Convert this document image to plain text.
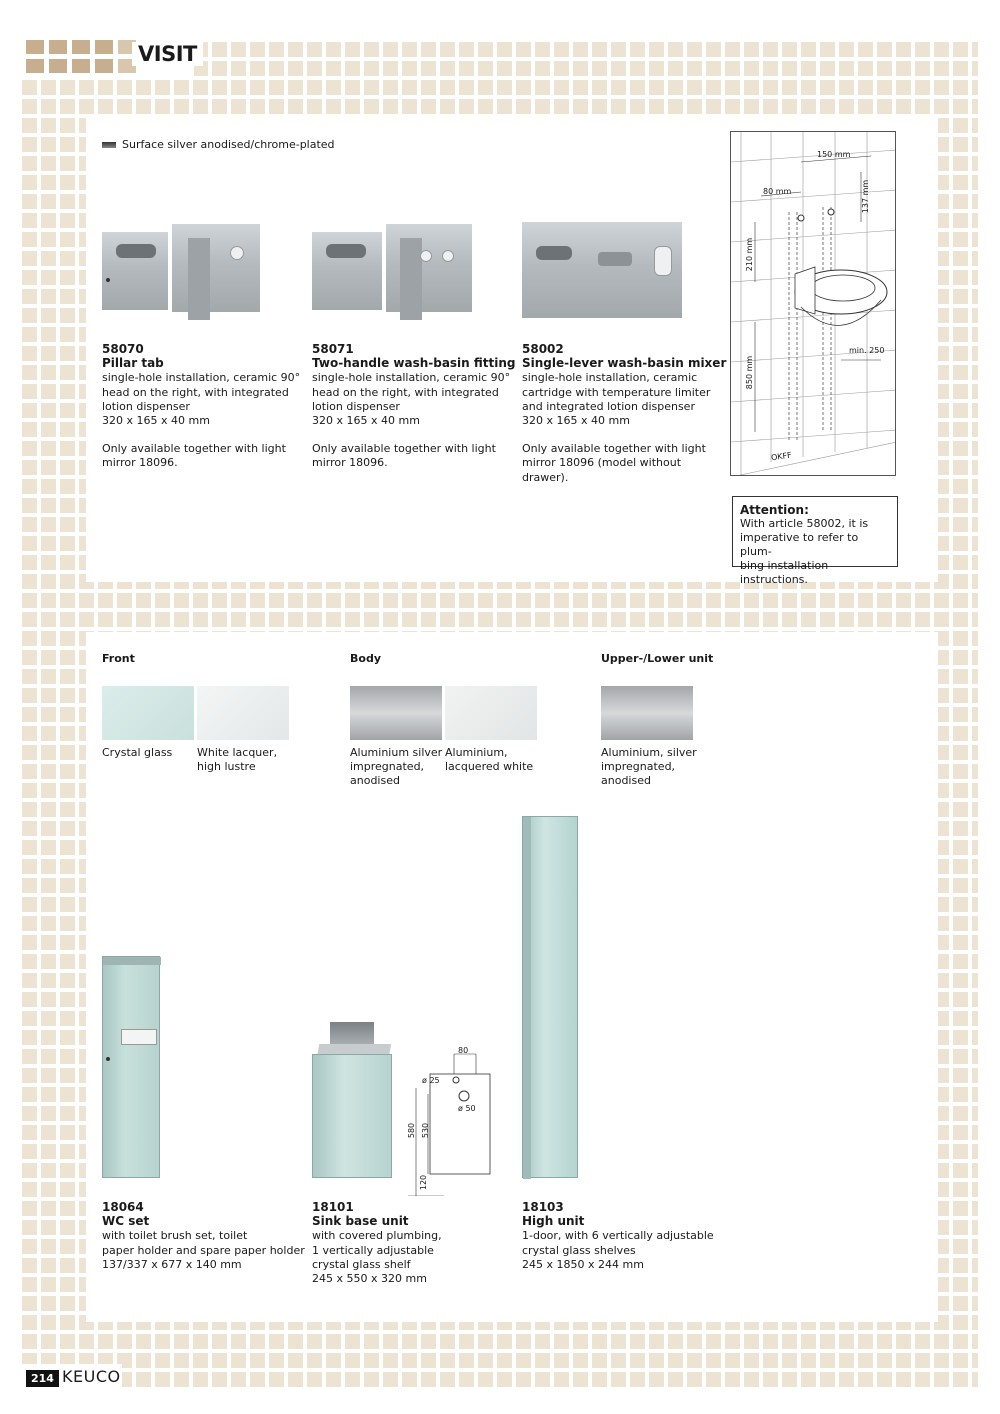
VISIT
Surface silver anodised/chrome-plated
58070
Pillar tab
single-hole installation, ceramic 90°
head on the right, with integrated
lotion dispenser
320 x 165 x 40 mm
Only available together with light
mirror 18096.
58071
Two-handle wash-basin fitting
single-hole installation, ceramic 90°
head on the right, with integrated
lotion dispenser
320 x 165 x 40 mm
Only available together with light
mirror 18096.
58002
Single-lever wash-basin mixer
single-hole installation, ceramic
cartridge with temperature limiter
and integrated lotion dispenser
320 x 165 x 40 mm
Only available together with light
mirror 18096 (model without drawer).
150 mm
80 mm	137 mm
210 mm
min. 250
850 mm
OKFF
Attention:
With article 58002, it is
imperative to refer to plum-
bing installation instructions.
Front	Body	Upper-/Lower unit
Crystal glass White lacquer,
high lustre
Aluminium silver
impregnated,
anodised
Aluminium,
lacquered white
Aluminium, silver
impregnated,
anodised
80
ø 25
ø 50
580 530
120
18064
WC set
with toilet brush set, toilet
paper holder and spare paper holder
137/337 x 677 x 140 mm
18101
Sink base unit
with covered plumbing,
1 vertically adjustable
crystal glass shelf
245 x 550 x 320 mm
18103
High unit
1-door, with 6 vertically adjustable
crystal glass shelves
245 x 1850 x 244 mm
214 KEUCO
